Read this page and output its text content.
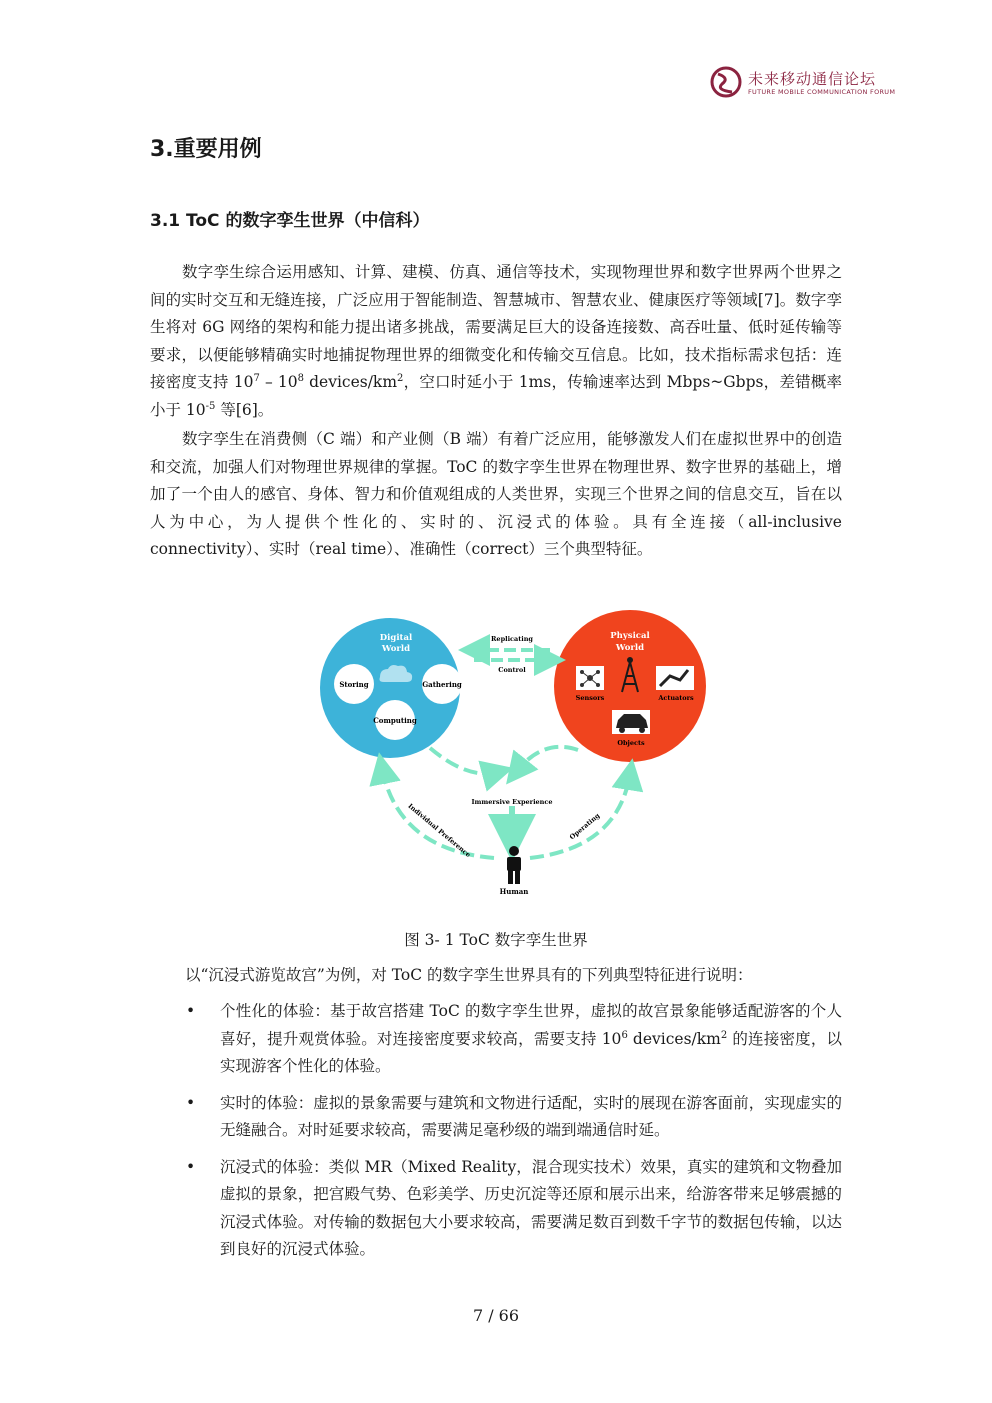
未来移动通信论坛
FUTURE MOBILE COMMUNICATION FORUM
3.重要用例
3.1 ToC 的数字孪生世界（中信科）

数字孪生综合运用感知、计算、建模、仿真、通信等技术，实现物理世界和数字世界两个世界之间的实时交互和无缝连接，广泛应用于智能制造、智慧城市、智慧农业、健康医疗等领域[7]。数字孪生将对 6G 网络的架构和能力提出诸多挑战，需要满足巨大的设备连接数、高吞吐量、低时延传输等要求，以便能够精确实时地捕捉物理世界的细微变化和传输交互信息。比如，技术指标需求包括：连接密度支持 $10^7 - 10^8$ devices/$km^2$，空口时延小于 1ms，传输速率达到 Mbps~Gbps，差错概率小于 $10^{-5}$ 等[6]。

数字孪生在消费侧（C 端）和产业侧（B 端）有着广泛应用，能够激发人们在虚拟世界中的创造和交流，加强人们对物理世界规律的掌握。ToC 的数字孪生世界在物理世界、数字世界的基础上，增加了一个由人的感官、身体、智力和价值观组成的人类世界，实现三个世界之间的信息交互，旨在以人为中心，为人提供个性化的、实时的、沉浸式的体验。具有全连接（all-inclusive connectivity）、实时（real time）、准确性（correct）三个典型特征。

Digital
World
Storing	Gathering
Computing
Physical
World
Sensors	Actuators
Objects
Replicating
Control
Immersive Experience
Individual Preference	Operating
Human
图 3- 1 ToC 数字孪生世界
以“沉浸式游览故宫”为例，对 ToC 的数字孪生世界具有的下列典型特征进行说明：
• 个性化的体验：基于故宫搭建 ToC 的数字孪生世界，虚拟的故宫景象能够适配游客的个人喜好，提升观赏体验。对连接密度要求较高，需要支持 $10^6$ devices/$km^2$ 的连接密度，以实现游客个性化的体验。
• 实时的体验：虚拟的景象需要与建筑和文物进行适配，实时的展现在游客面前，实现虚实的无缝融合。对时延要求较高，需要满足毫秒级的端到端通信时延。
• 沉浸式的体验：类似 MR（Mixed Reality，混合现实技术）效果，真实的建筑和文物叠加虚拟的景象，把宫殿气势、色彩美学、历史沉淀等还原和展示出来，给游客带来足够震撼的沉浸式体验。对传输的数据包大小要求较高，需要满足数百到数千字节的数据包传输，以达到良好的沉浸式体验。
7 / 66
